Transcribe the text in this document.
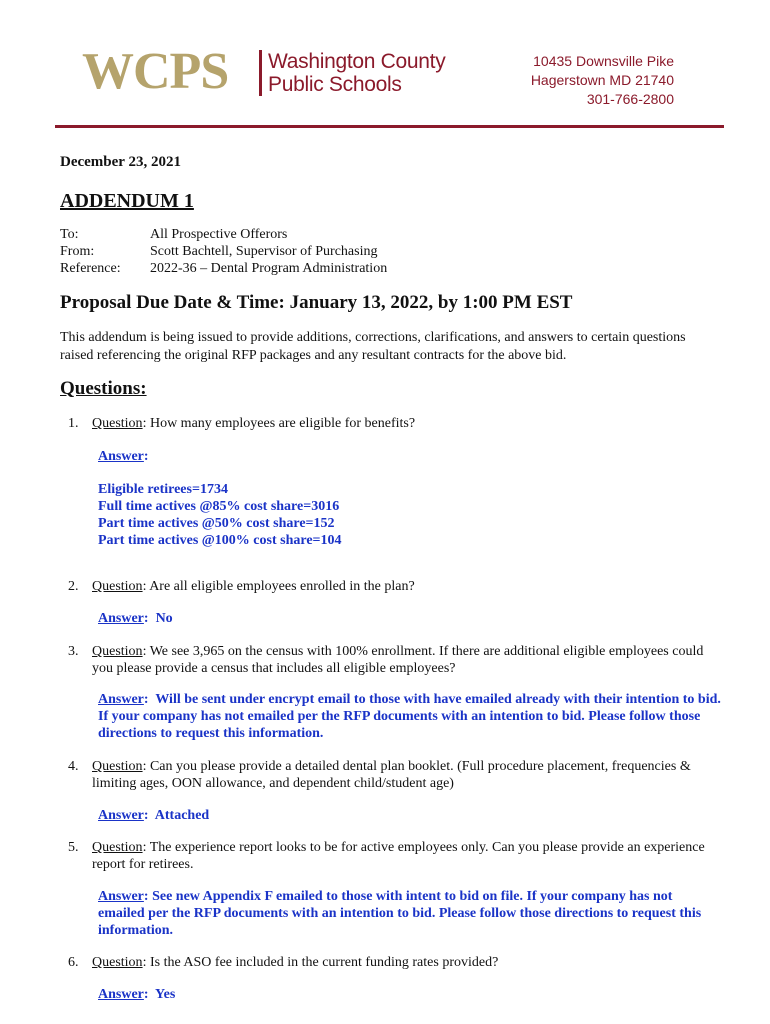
WCPS Washington County
Public Schools
10435 Downsville Pike
Hagerstown MD 21740
301-766-2800
December 23, 2021
ADDENDUM 1
To:	All Prospective Offerors
From:	Scott Bachtell, Supervisor of Purchasing
Reference:	2022-36 – Dental Program Administration
Proposal Due Date & Time: January 13, 2022, by 1:00 PM EST
This addendum is being issued to provide additions, corrections, clarifications, and answers to certain questions raised referencing the original RFP packages and any resultant contracts for the above bid.
Questions:
1. Question: How many employees are eligible for benefits?
Answer:
Eligible retirees=1734
Full time actives @85% cost share=3016
Part time actives @50% cost share=152
Part time actives @100% cost share=104
2. Question: Are all eligible employees enrolled in the plan?
Answer:  No
3. Question: We see 3,965 on the census with 100% enrollment. If there are additional eligible employees could
you please provide a census that includes all eligible employees?
Answer:  Will be sent under encrypt email to those with have emailed already with their intention to bid.
If your company has not emailed per the RFP documents with an intention to bid. Please follow those
directions to request this information.
4. Question: Can you please provide a detailed dental plan booklet. (Full procedure placement, frequencies &
limiting ages, OON allowance, and dependent child/student age)
Answer:  Attached
5. Question: The experience report looks to be for active employees only. Can you please provide an experience
report for retirees.
Answer: See new Appendix F emailed to those with intent to bid on file. If your company has not
emailed per the RFP documents with an intention to bid. Please follow those directions to request this
information.
6. Question: Is the ASO fee included in the current funding rates provided?
Answer:  Yes
